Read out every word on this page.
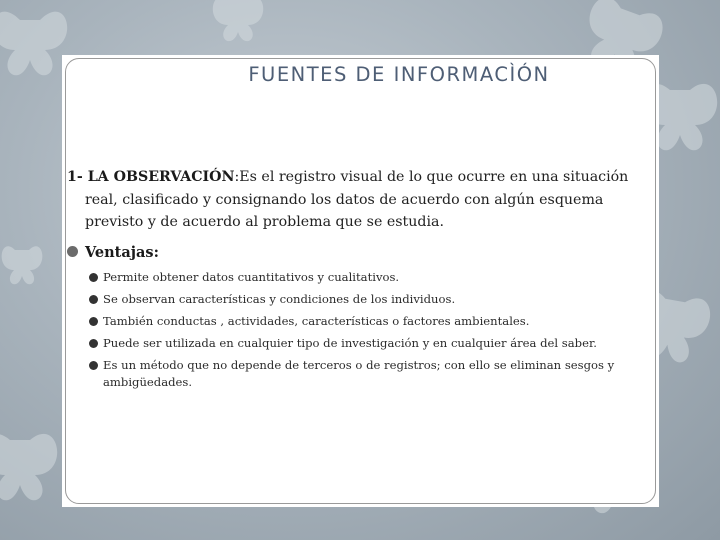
FUENTES DE INFORMACÌÓN
1- LA OBSERVACIÓN:Es el registro visual de lo que ocurre en una situación
real, clasificado y consignando los datos de acuerdo con algún esquema
previsto y de acuerdo al problema que se estudia.
Ventajas:
Permite obtener datos cuantitativos y cualitativos.
Se observan características y condiciones de los individuos.
También conductas , actividades, características o factores ambientales.
Puede ser utilizada en cualquier tipo de investigación y en cualquier área del saber.
Es un método que no depende de terceros o de registros; con ello se eliminan sesgos y ambigüedades.
